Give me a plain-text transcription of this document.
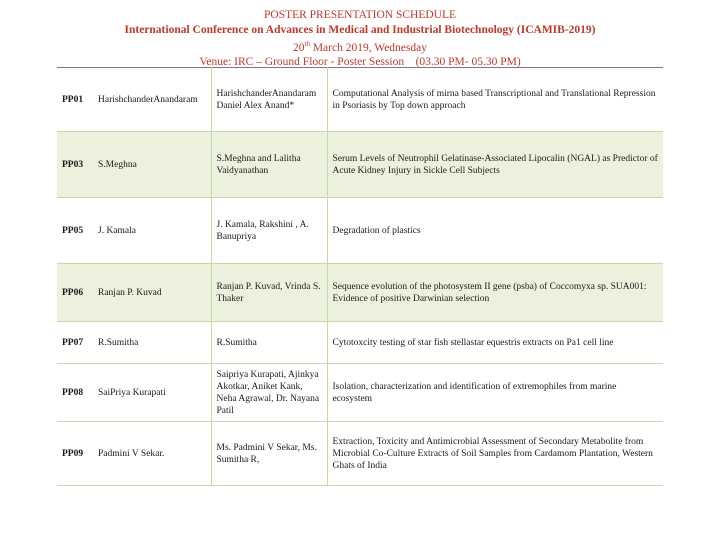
POSTER PRESENTATION SCHEDULE
International Conference on Advances in Medical and Industrial Biotechnology (ICAMIB-2019)
20th March 2019, Wednesday
Venue: IRC – Ground Floor - Poster Session    (03.30 PM- 05.30 PM)
PP01	HarishchanderAnandaram	HarishchanderAnandaram Daniel Alex Anand*	Computational Analysis of mirna based Transcriptional and Translational Repression in Psoriasis by Top down approach
PP03	S.Meghna	S.Meghna and Lalitha Vaidyanathan	Serum Levels of Neutrophil Gelatinase-Associated Lipocalin (NGAL) as Predictor of Acute Kidney Injury in Sickle Cell Subjects
PP05	J. Kamala	J. Kamala, Rakshini , A. Banupriya	Degradation of plastics
PP06	Ranjan P. Kuvad	Ranjan P. Kuvad, Vrinda S. Thaker	Sequence evolution of the photosystem II gene (psba) of Coccomyxa sp. SUA001: Evidence of positive Darwinian selection
PP07	R.Sumitha	R.Sumitha	Cytotoxcity testing of star fish stellastar equestris extracts on Pa1 cell line
PP08	SaiPriya Kurapati	Saipriya Kurapati, Ajinkya Akotkar, Aniket Kank, Neha Agrawal, Dr. Nayana Patil	Isolation, characterization and identification of extremophiles from marine ecosystem
PP09	Padmini V Sekar.	Ms. Padmini V Sekar, Ms. Sumitha R,	Extraction, Toxicity and Antimicrobial Assessment of Secondary Metabolite from Microbial Co-Culture Extracts of Soil Samples from Cardamom Plantation, Western Ghats of India
